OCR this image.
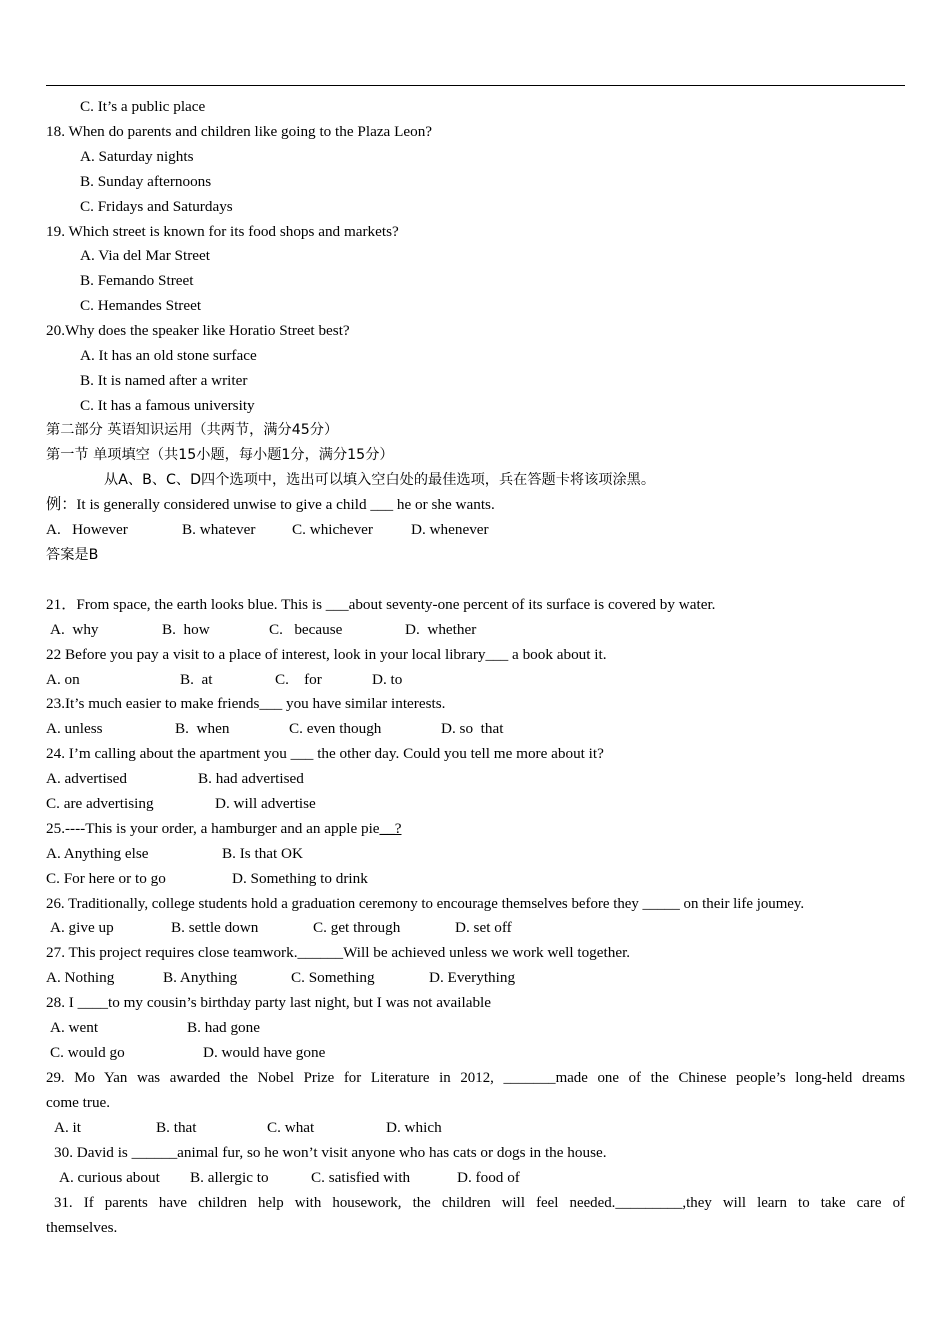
C. It’s a public place
18. When do parents and children like going to the Plaza Leon?
A. Saturday nights
B. Sunday afternoons
C. Fridays and Saturdays
19. Which street is known for its food shops and markets?
A. Via del Mar Street
B. Femando Street
C. Hemandes Street
20.Why does the speaker like Horatio Street best?
A. It has an old stone surface
B. It is named after a writer
C. It has a famous university
第二部分 英语知识运用（共两节，满分45分）
第一节 单项填空（共15小题，每小题1分，满分15分）
从A、B、C、D四个选项中，选出可以填入空白处的最佳选项，兵在答题卡将该项涂黑。
例：It is generally considered unwise to give a child ___ he or she wants.
A.   However	B. whatever C. whichever	D. whenever
答案是B
21．From space, the earth looks blue. This is ___about seventy-one percent of its surface is covered by water.
A.  why	B.  how	C.   because	D.  whether
22 Before you pay a visit to a place of interest, look in your local library___ a book about it.
A. on	B.  at	C.    for	D. to
23.It’s much easier to make friends___ you have similar interests.
A. unless	B.  when	C. even though	D. so  that
24. I’m calling about the apartment you ___ the other day. Could you tell me more about it?
A. advertised	B. had advertised
C. are advertising	D. will advertise
25.----This is your order, a hamburger and an apple pie__?
A. Anything else	B. Is that OK
C. For here or to go	D. Something to drink
26. Traditionally, college students hold a graduation ceremony to encourage themselves before they _____ on their life joumey.
A. give up	B. settle down	C. get through	D. set off
27. This project requires close teamwork.______Will be achieved unless we work well together.
A. Nothing	B. Anything	C. Something	D. Everything
28. I ____to my cousin’s birthday party last night, but I was not available
A. went	B. had gone
C. would go	D. would have gone
29. Mo Yan was awarded the Nobel Prize for Literature in 2012, _______made one of the Chinese people’s long-held dreams
come true.
A. it	B. that	C. what	D. which
30. David is ______animal fur, so he won’t visit anyone who has cats or dogs in the house.
A. curious about B. allergic to	C. satisfied with	D. food of
31. If parents have children help with housework, the children will feel needed._________,they will learn to take care of
themselves.
